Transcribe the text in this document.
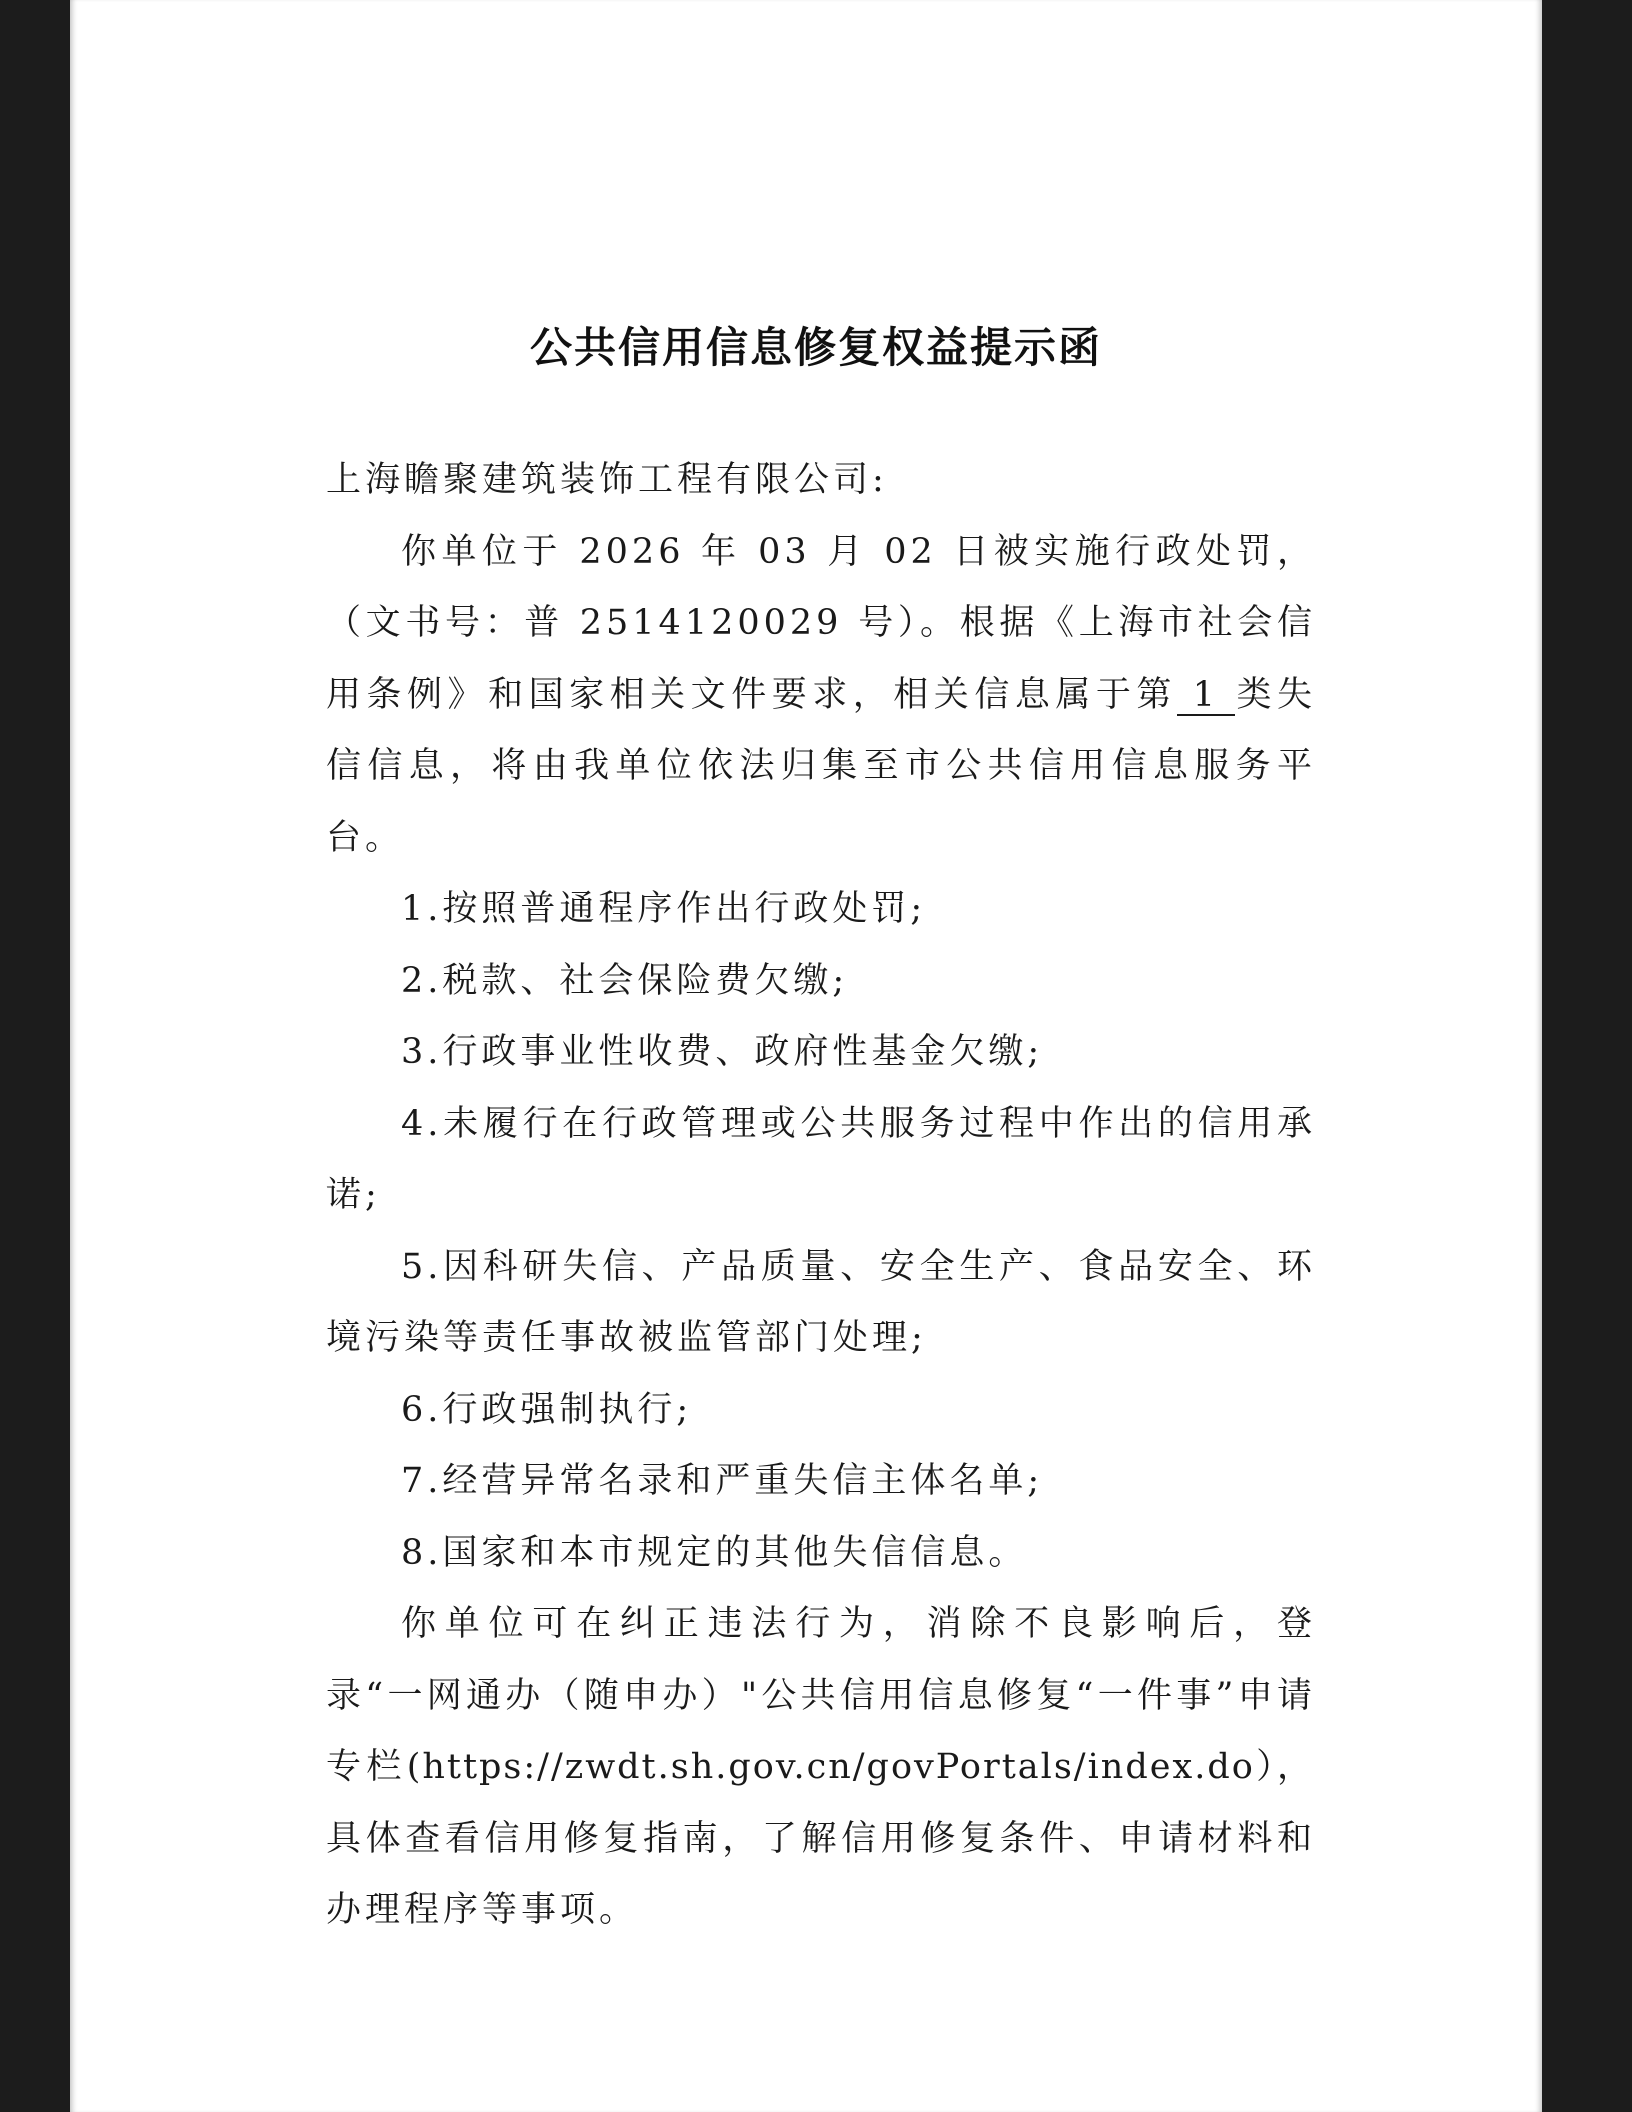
公共信用信息修复权益提示函

上海瞻聚建筑装饰工程有限公司:

你单位于 2026 年 03 月 02 日被实施行政处罚，（文书号：普 2514120029 号）。根据《上海市社会信用条例》和国家相关文件要求，相关信息属于第 1 类失信信息，将由我单位依法归集至市公共信用信息服务平台。

1.按照普通程序作出行政处罚;

2.税款、社会保险费欠缴;

3.行政事业性收费、政府性基金欠缴;

4.未履行在行政管理或公共服务过程中作出的信用承诺;

5.因科研失信、产品质量、安全生产、食品安全、环境污染等责任事故被监管部门处理;

6.行政强制执行;

7.经营异常名录和严重失信主体名单;

8.国家和本市规定的其他失信信息。

你单位可在纠正违法行为，消除不良影响后，登录“一网通办（随申办）"公共信用信息修复“一件事”申请专栏(https://zwdt.sh.gov.cn/govPortals/index.do），具体查看信用修复指南，了解信用修复条件、申请材料和办理程序等事项。
